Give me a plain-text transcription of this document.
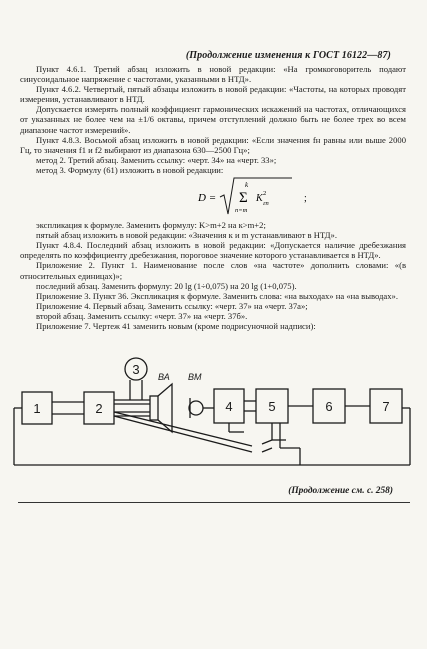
(Продолжение изменения к ГОСТ 16122—87)

Пункт 4.6.1. Третий абзац изложить в новой редакции: «На громкоговоритель подают синусоидальное напряжение с частотами, указанными в НТД».

Пункт 4.6.2. Четвертый, пятый абзацы изложить в новой редакции: «Частоты, на которых проводят измерения, устанавливают в НТД.

Допускается измерять полный коэффициент гармонических искажений на частотах, отличающихся от указанных не более чем на ±1/6 октавы, причем отступлений должно быть не более трех во всем диапазоне частот измерений».

Пункт 4.8.3. Восьмой абзац изложить в новой редакции: «Если значения fн равны или выше 2000 Гц, то значения f1 и f2 выбирают из диапазона 630—2500 Гц»;

метод 2. Третий абзац. Заменить ссылку: «черт. 34» на «черт. 33»;

метод 3. Формулу (61) изложить в новой редакции:

D =
k
Σ
n=m
K 2
гn	;

экспликация к формуле. Заменить формулу: K>m+2 на к>m+2;

пятый абзац изложить в новой редакции: «Значения к и m устанавливают в НТД».

Пункт 4.8.4. Последний абзац изложить в новой редакции: «Допускается наличие дребезжания определять по коэффициенту дребезжания, пороговое значение которого устанавливается в НТД».

Приложение 2. Пункт 1. Наименование после слов «на частоте» дополнить словами: «(в относительных единицах)»;

последний абзац. Заменить формулу: 20 lg (1÷0,075) на 20 lg (1+0,075).

Приложение 3. Пункт 36. Экспликация к формуле. Заменить слова: «на выходах» на «на выводах».

Приложение 4. Первый абзац. Заменить ссылку: «черт. 37» на «черт. 37а»;

второй абзац. Заменить ссылку: «черт. 37» на «черт. 37б».

Приложение 7. Чертеж 41 заменить новым (кроме подрисуночной надписи):

1	2
3
4	5	6	7
ВА ВМ
(Продолжение см. с. 258)
